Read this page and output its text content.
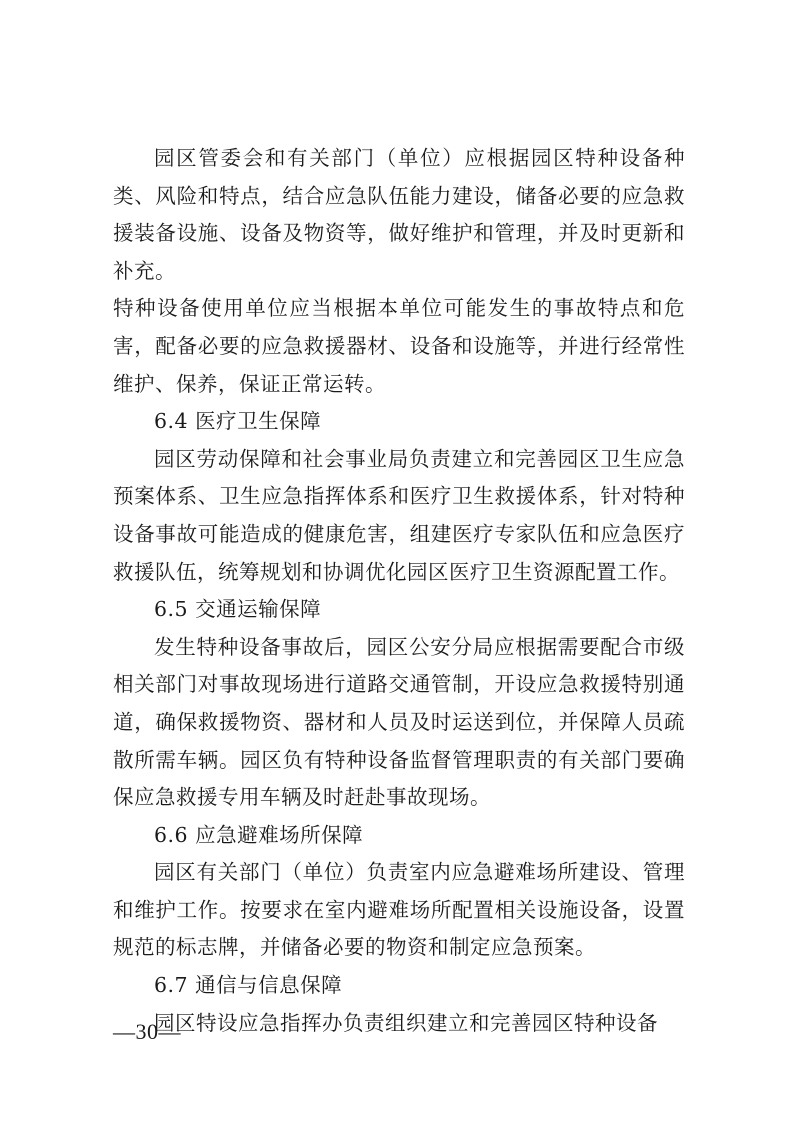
园区管委会和有关部门（单位）应根据园区特种设备种类、风险和特点，结合应急队伍能力建设，储备必要的应急救援装备设施、设备及物资等，做好维护和管理，并及时更新和补充。

特种设备使用单位应当根据本单位可能发生的事故特点和危害，配备必要的应急救援器材、设备和设施等，并进行经常性维护、保养，保证正常运转。

6.4 医疗卫生保障

园区劳动保障和社会事业局负责建立和完善园区卫生应急预案体系、卫生应急指挥体系和医疗卫生救援体系，针对特种设备事故可能造成的健康危害，组建医疗专家队伍和应急医疗救援队伍，统筹规划和协调优化园区医疗卫生资源配置工作。

6.5 交通运输保障

发生特种设备事故后，园区公安分局应根据需要配合市级相关部门对事故现场进行道路交通管制，开设应急救援特别通道，确保救援物资、器材和人员及时运送到位，并保障人员疏散所需车辆。园区负有特种设备监督管理职责的有关部门要确保应急救援专用车辆及时赶赴事故现场。

6.6 应急避难场所保障

园区有关部门（单位）负责室内应急避难场所建设、管理和维护工作。按要求在室内避难场所配置相关设施设备，设置规范的标志牌，并储备必要的物资和制定应急预案。

6.7 通信与信息保障

园区特设应急指挥办负责组织建立和完善园区特种设备

—30—
